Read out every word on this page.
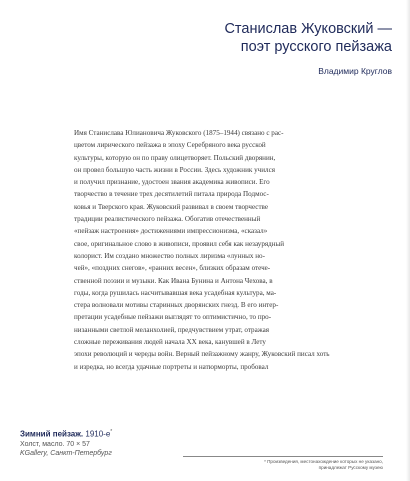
Станислав Жуковский —
поэт русского пейзажа

Владимир Круглов

Имя Станислава Юлиановича Жуковского (1875–1944) связано с рас-
цветом лирического пейзажа в эпоху Серебряного века русской
культуры, которую он по праву олицетворяет. Польский дворянин,
он провел большую часть жизни в России. Здесь художник учился
и получил признание, удостоен звания академика живописи. Его
творчество в течение трех десятилетий питала природа Подмос-
ковья и Тверского края. Жуковский развивал в своем творчестве
традиции реалистического пейзажа. Обогатив отечественный
«пейзаж настроения» достижениями импрессионизма, «сказал»
свое, оригинальное слово в живописи, проявил себя как незаурядный
колорист. Им создано множество полных лиризма «лунных но-
чей», «поздних снегов», «ранних весен», близких образам отече-
ственной поэзии и музыки. Как Ивана Бунина и Антона Чехова, в
годы, когда рушилась насчитывавшая века усадебная культура, ма-
стера волновали мотивы старинных дворянских гнезд. В его интер-
претации усадебные пейзажи выглядят то оптимистично, то про-
низанными светлой меланхолией, предчувствием утрат, отражая
сложные переживания людей начала ХХ века, канувшей в Лету
эпохи революций и череды войн. Верный пейзажному жанру, Жуковский писал хоть
и изредка, но всегда удачные портреты и натюрморты, пробовал

Зимний пейзаж. 1910-е*
Холст, масло. 70 × 57
KGallery, Санкт-Петербург
* Произведения, местонахождение которых не указано,
принадлежат Русскому музею
